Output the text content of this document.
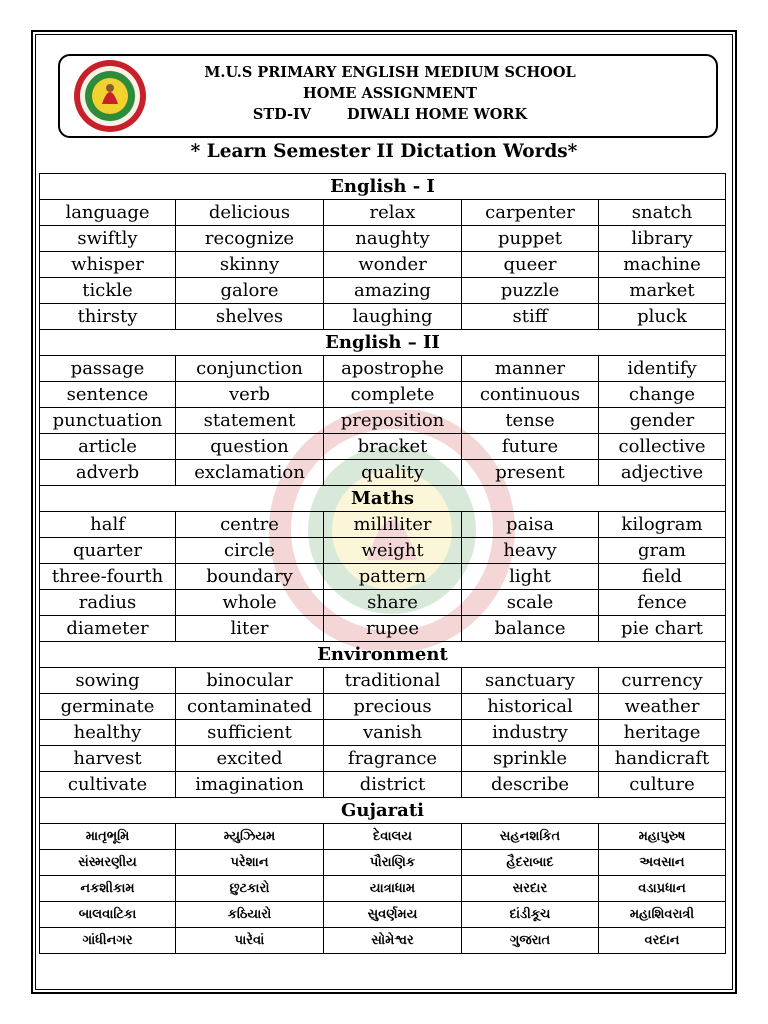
M.U.S PRIMARY ENGLISH MEDIUM SCHOOL
HOME ASSIGNMENT
STD-IV DIWALI HOME WORK
* Learn Semester II Dictation Words*
English - I				
language	delicious	relax	carpenter	snatch
swiftly	recognize	naughty	puppet	library
whisper	skinny	wonder	queer	machine
tickle	galore	amazing	puzzle	market
thirsty	shelves	laughing	stiff	pluck
English – II				
passage	conjunction	apostrophe	manner	identify
sentence	verb	complete	continuous	change
punctuation	statement	preposition	tense	gender
article	question	bracket	future	collective
adverb	exclamation	quality	present	adjective
Maths				
half	centre	milliliter	paisa	kilogram
quarter	circle	weight	heavy	gram
three-fourth	boundary	pattern	light	field
radius	whole	share	scale	fence
diameter	liter	rupee	balance	pie chart
Environment				
sowing	binocular	traditional	sanctuary	currency
germinate	contaminated	precious	historical	weather
healthy	sufficient	vanish	industry	heritage
harvest	excited	fragrance	sprinkle	handicraft
cultivate	imagination	district	describe	culture
Gujarati				
માતૃભૂમિ	મ્યુઝિયમ	દેવાલય	સહનશકિત	મહાપુરુષ
સંસ્મરણીય	પરેશાન	પૌરાણિક	હૈદરાબાદ	અવસાન
નકશીકામ	છુટકારો	યાત્રાધામ	સરદાર	વડાપ્રધાન
બાલવાટિકા	કઠિયારો	સુવર્ણમય	દાંડીકૂચ	મહાશિવરાત્રી
ગાંધીનગર	પારેવાં	સોમેશ્વર	ગુજરાત	વરદાન
